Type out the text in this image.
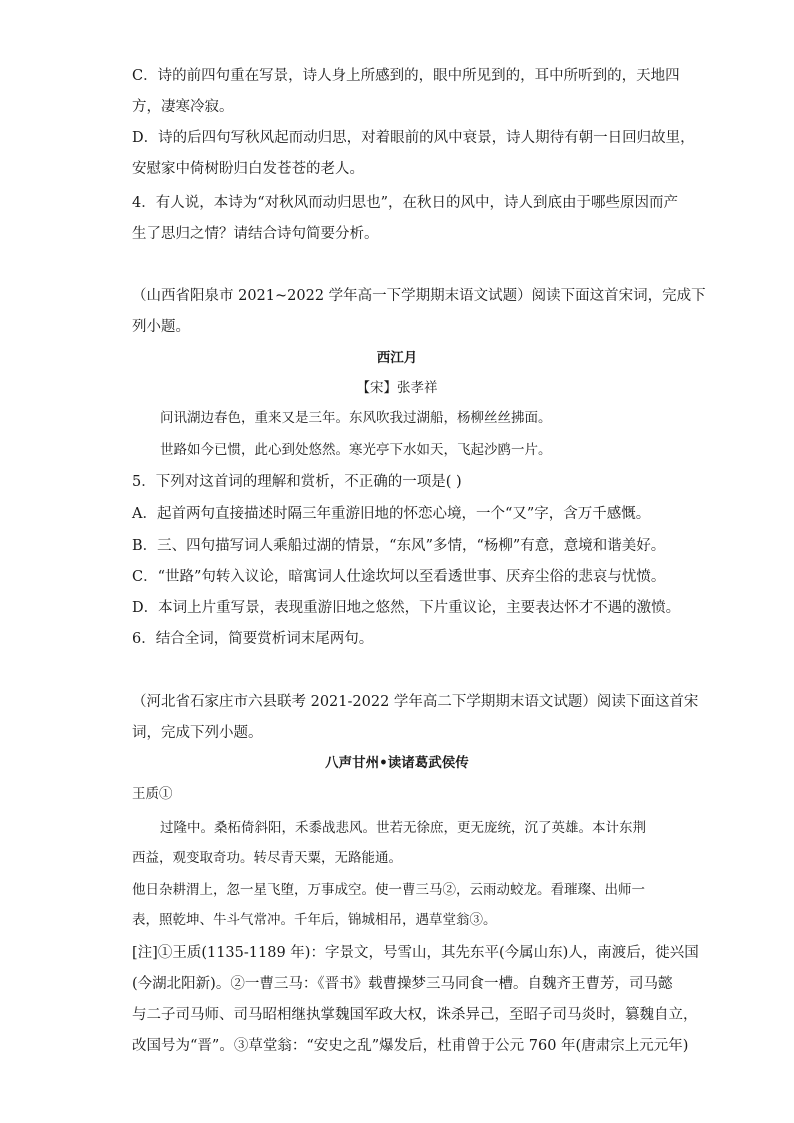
C．诗的前四句重在写景，诗人身上所感到的，眼中所见到的，耳中所听到的，天地四
方，凄寒冷寂。
D．诗的后四句写秋风起而动归思，对着眼前的风中衰景，诗人期待有朝一日回归故里，
安慰家中倚树盼归白发苍苍的老人。
4．有人说，本诗为“对秋风而动归思也”，在秋日的风中，诗人到底由于哪些原因而产
生了思归之情？请结合诗句简要分析。
（山西省阳泉市 2021~2022 学年高一下学期期末语文试题）阅读下面这首宋词，完成下
列小题。
西江月
【宋】张孝祥
问讯湖边春色，重来又是三年。东风吹我过湖船，杨柳丝丝拂面。
世路如今已惯，此心到处悠然。寒光亭下水如天，飞起沙鸥一片。
5．下列对这首词的理解和赏析，不正确的一项是( )
A．起首两句直接描述时隔三年重游旧地的怀恋心境，一个“又”字，含万千感慨。
B．三、四句描写词人乘船过湖的情景，“东风”多情，“杨柳”有意，意境和谐美好。
C．“世路”句转入议论，暗寓词人仕途坎坷以至看透世事、厌弃尘俗的悲哀与忧愤。
D．本词上片重写景，表现重游旧地之悠然，下片重议论，主要表达怀才不遇的激愤。
6．结合全词，简要赏析词末尾两句。
（河北省石家庄市六县联考 2021-2022 学年高二下学期期末语文试题）阅读下面这首宋
词，完成下列小题。
八声甘州•读诸葛武侯传
王质①
过隆中。桑柘倚斜阳，禾黍战悲风。世若无徐庶，更无庞统，沉了英雄。本计东荆
西益，观变取奇功。转尽青天粟，无路能通。
他日杂耕渭上，忽一星飞堕，万事成空。使一曹三马②，云雨动蛟龙。看璀璨、出师一
表，照乾坤、牛斗气常冲。千年后，锦城相吊，遇草堂翁③。
[注]①王质(1135-1189 年)：字景文，号雪山，其先东平(今属山东)人，南渡后，徙兴国
(今湖北阳新)。②一曹三马：《晋书》载曹操梦三马同食一槽。自魏齐王曹芳，司马懿
与二子司马师、司马昭相继执掌魏国军政大权，诛杀异己，至昭子司马炎时，篡魏自立，
改国号为“晋”。③草堂翁：“安史之乱”爆发后，杜甫曾于公元 760 年(唐肃宗上元元年)
